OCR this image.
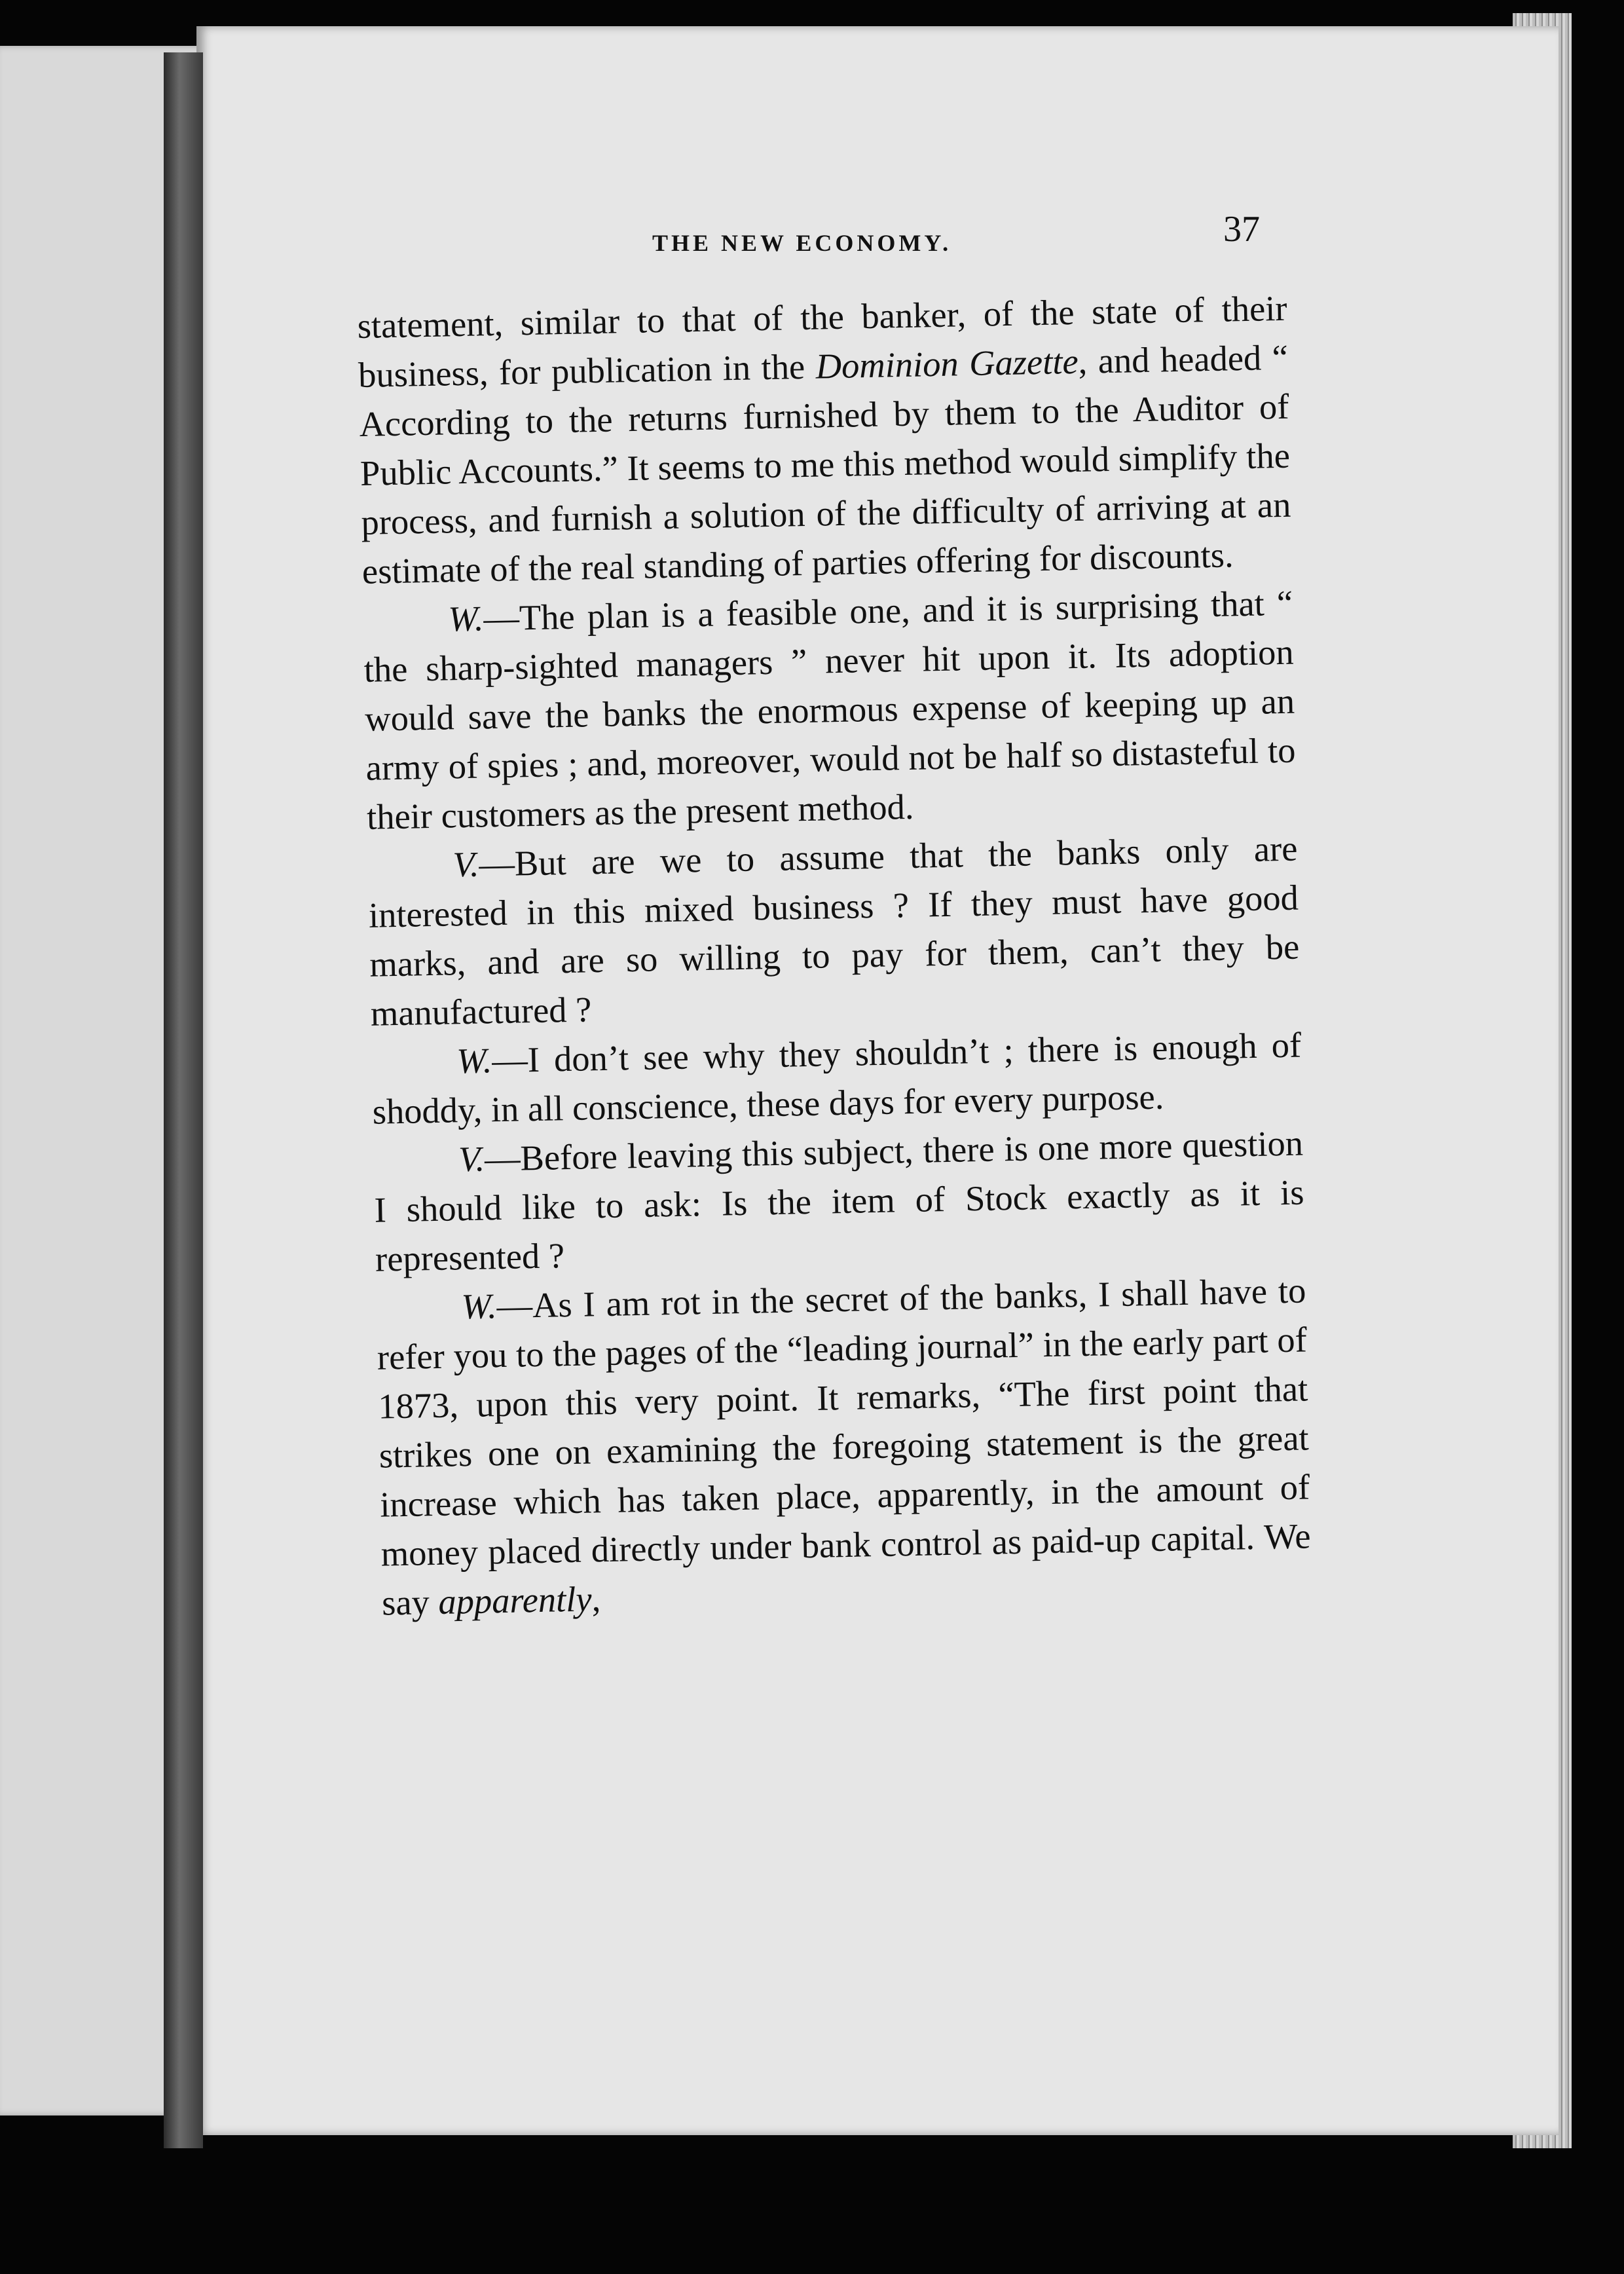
THE NEW ECONOMY.	37

statement, similar to that of the banker, of the state of their business, for publication in the Dominion Gazette, and headed “ According to the returns furnished by them to the Auditor of Public Accounts.” It seems to me this method would simplify the process, and furnish a solution of the difficulty of arriving at an estimate of the real standing of parties offering for discounts.

W.—The plan is a feasible one, and it is surprising that “ the sharp-sighted managers ” never hit upon it. Its adoption would save the banks the enormous expense of keeping up an army of spies ; and, moreover, would not be half so distasteful to their customers as the present method.

V.—But are we to assume that the banks only are interested in this mixed business ? If they must have good marks, and are so willing to pay for them, can’t they be manufactured ?

W.—I don’t see why they shouldn’t ; there is enough of shoddy, in all conscience, these days for every purpose.

V.—Before leaving this subject, there is one more question I should like to ask: Is the item of Stock exactly as it is represented ?

W.—As I am rot in the secret of the banks, I shall have to refer you to the pages of the “leading journal” in the early part of 1873, upon this very point. It remarks, “The first point that strikes one on examining the foregoing statement is the great increase which has taken place, apparently, in the amount of money placed directly under bank control as paid-up capital. We say apparently,
